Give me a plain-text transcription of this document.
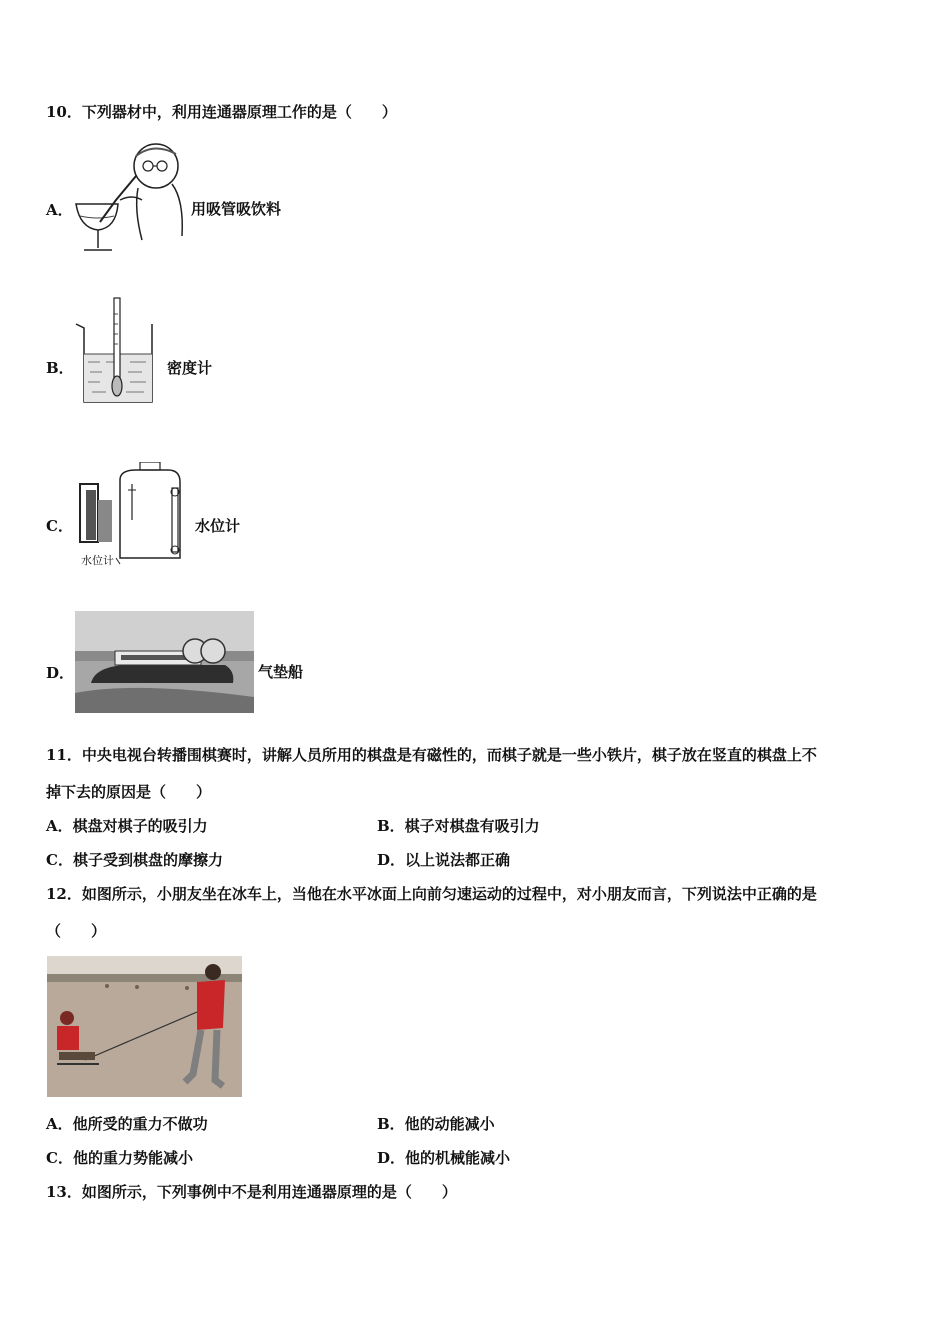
10．下列器材中，利用连通器原理工作的是（　　）
A．	用吸管吸饮料
B．	密度计
C．
水位计
水位计
D．	气垫船
11．中央电视台转播围棋赛时，讲解人员所用的棋盘是有磁性的，而棋子就是一些小铁片，棋子放在竖直的棋盘上不
掉下去的原因是（　　）
A．棋盘对棋子的吸引力	B．棋子对棋盘有吸引力
C．棋子受到棋盘的摩擦力	D．以上说法都正确
12．如图所示，小朋友坐在冰车上，当他在水平冰面上向前匀速运动的过程中，对小朋友而言，下列说法中正确的是
（　　）
A．他所受的重力不做功	B．他的动能减小
C．他的重力势能减小	D．他的机械能减小
13．如图所示，下列事例中不是利用连通器原理的是（　　）
